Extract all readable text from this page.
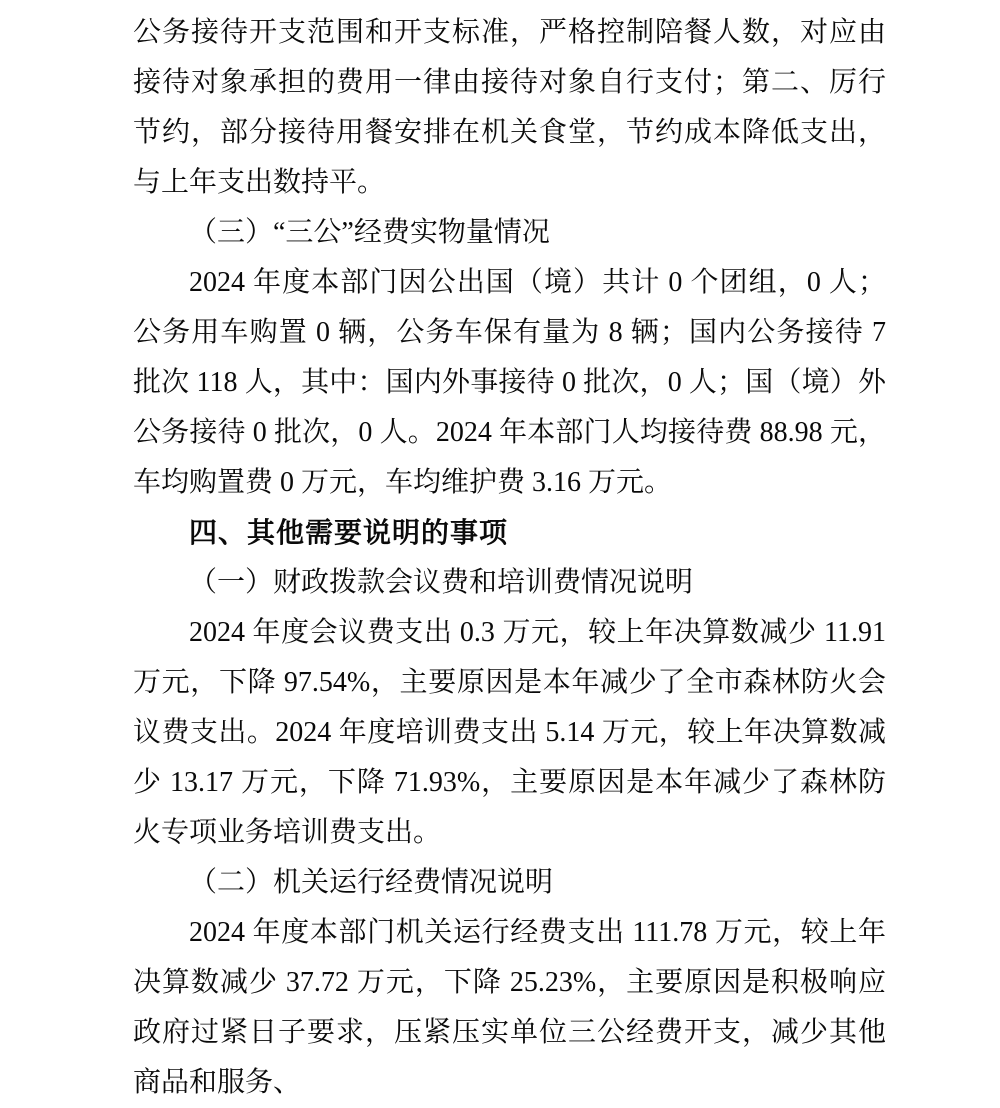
公务接待开支范围和开支标准，严格控制陪餐人数，对应由接待对象承担的费用一律由接待对象自行支付；第二、厉行节约，部分接待用餐安排在机关食堂，节约成本降低支出，与上年支出数持平。

（三）“三公”经费实物量情况

2024 年度本部门因公出国（境）共计 0 个团组，0 人；公务用车购置 0 辆，公务车保有量为 8 辆；国内公务接待 7 批次 118 人，其中：国内外事接待 0 批次，0 人；国（境）外公务接待 0 批次，0 人。2024 年本部门人均接待费 88.98 元，车均购置费 0 万元，车均维护费 3.16 万元。

四、其他需要说明的事项

（一）财政拨款会议费和培训费情况说明

2024 年度会议费支出 0.3 万元，较上年决算数减少 11.91 万元，下降 97.54%，主要原因是本年减少了全市森林防火会议费支出。2024 年度培训费支出 5.14 万元，较上年决算数减少 13.17 万元，下降 71.93%，主要原因是本年减少了森林防火专项业务培训费支出。

（二）机关运行经费情况说明

2024 年度本部门机关运行经费支出 111.78 万元，较上年决算数减少 37.72 万元，下降 25.23%，主要原因是积极响应政府过紧日子要求，压紧压实单位三公经费开支，减少其他商品和服务、
